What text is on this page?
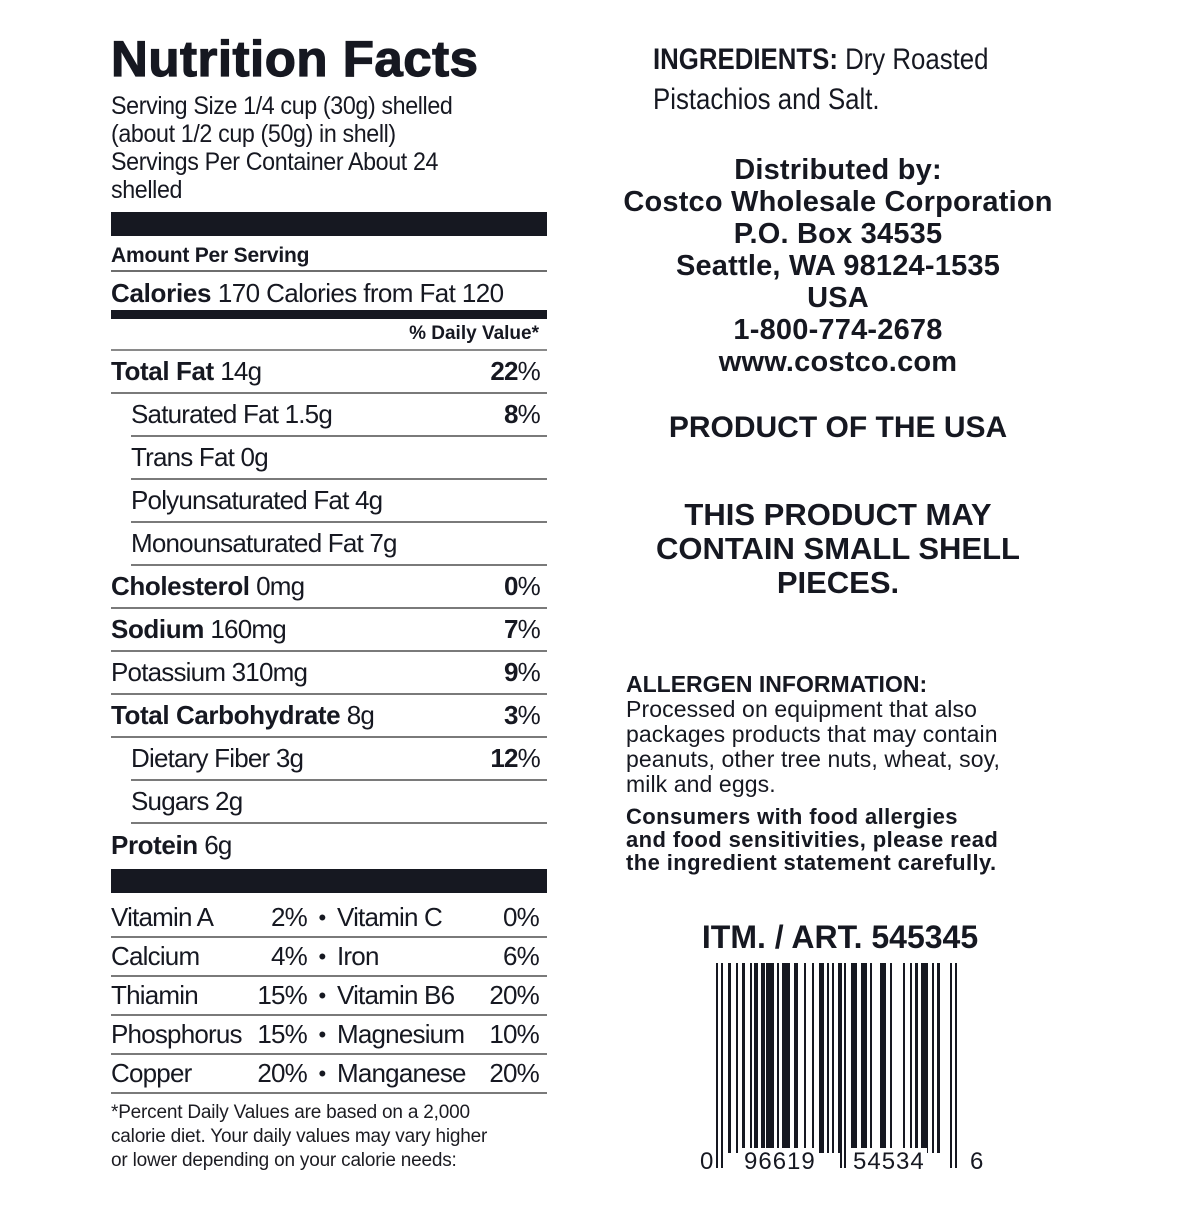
Nutrition Facts
Serving Size 1/4 cup (30g) shelled
(about 1/2 cup (50g) in shell)
Servings Per Container About 24
shelled
Amount Per Serving
Calories 170 Calories from Fat 120
% Daily Value*
Total Fat 14g	22%
Saturated Fat 1.5g	8%
Trans Fat 0g
Polyunsaturated Fat 4g
Monounsaturated Fat 7g
Cholesterol 0mg	0%
Sodium 160mg	7%
Potassium 310mg	9%
Total Carbohydrate 8g	3%
Dietary Fiber 3g	12%
Sugars 2g
Protein 6g
Vitamin A	2% • Vitamin C	0%
Calcium	4% • Iron	6%
Thiamin	15% • Vitamin B6	20%
Phosphorus 15% • Magnesium 10%
Copper	20% • Manganese 20%
*Percent Daily Values are based on a 2,000
calorie diet. Your daily values may vary higher
or lower depending on your calorie needs:
INGREDIENTS: Dry Roasted
Pistachios and Salt.
Distributed by:
Costco Wholesale Corporation
P.O. Box 34535
Seattle, WA 98124-1535
USA
1-800-774-2678
www.costco.com
PRODUCT OF THE USA
THIS PRODUCT MAY
CONTAIN SMALL SHELL
PIECES.
ALLERGEN INFORMATION:
Processed on equipment that also
packages products that may contain
peanuts, other tree nuts, wheat, soy,
milk and eggs.
Consumers with food allergies
and food sensitivities, please read
the ingredient statement carefully.
ITM. / ART. 545345
0 96619 54534 6
